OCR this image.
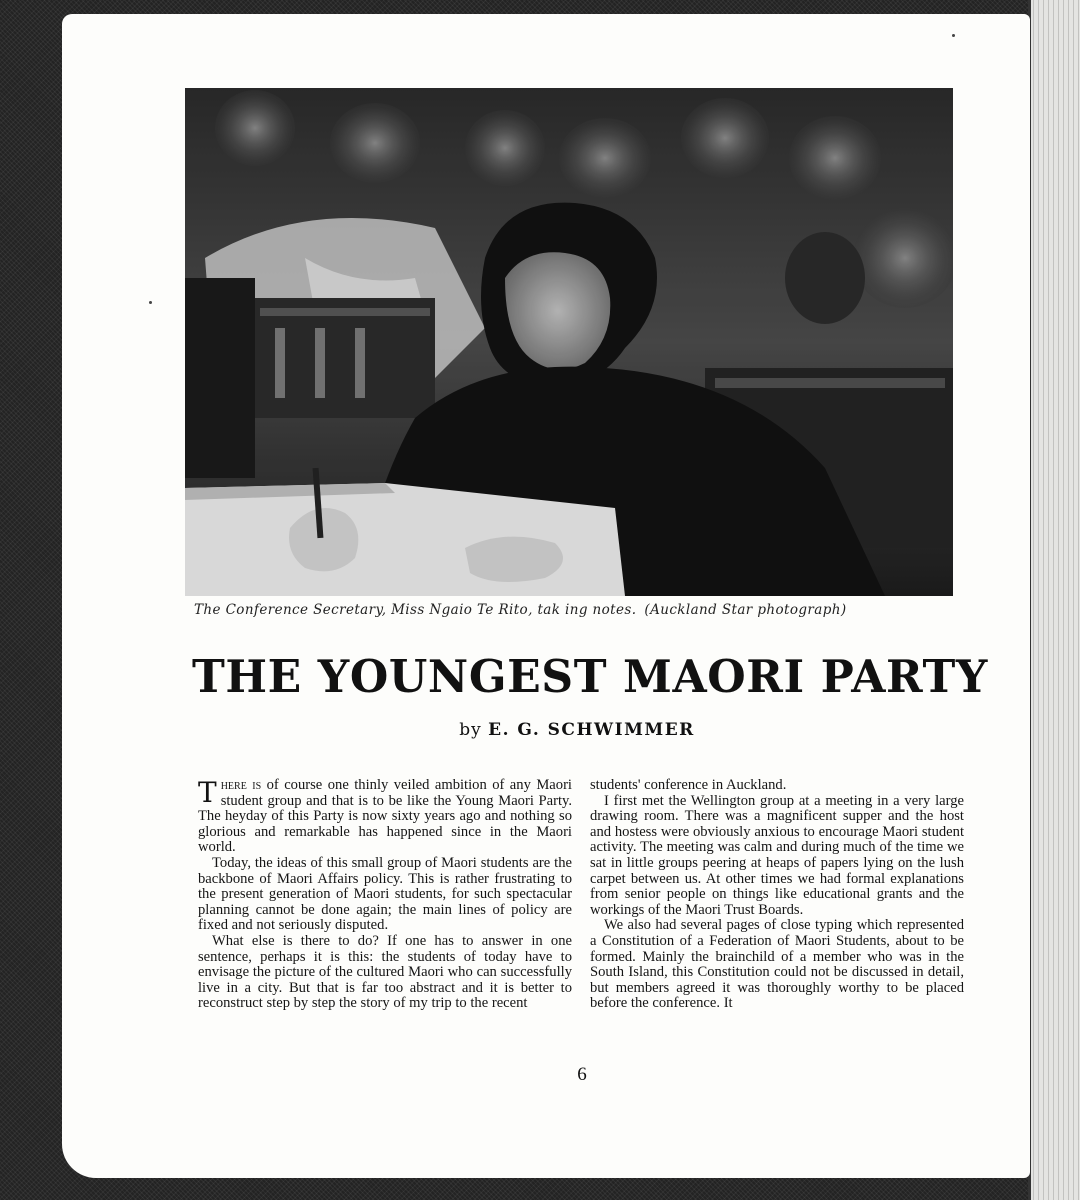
The Conference Secretary, Miss Ngaio Te Rito, tak ing notes. (Auckland Star photograph)
THE YOUNGEST MAORI PARTY
by E. G. SCHWIMMER

There is of course one thinly veiled ambition of any Maori student group and that is to be like the Young Maori Party. The heyday of this Party is now sixty years ago and nothing so glorious and remarkable has happened since in the Maori world.

Today, the ideas of this small group of Maori students are the backbone of Maori Affairs policy. This is rather frustrating to the present generation of Maori students, for such spectacular planning cannot be done again; the main lines of policy are fixed and not seriously disputed.

What else is there to do? If one has to answer in one sentence, perhaps it is this: the students of today have to envisage the picture of the cultured Maori who can successfully live in a city. But that is far too abstract and it is better to reconstruct step by step the story of my trip to the recent

students' conference in Auckland.

I first met the Wellington group at a meeting in a very large drawing room. There was a magnificent supper and the host and hostess were obviously anxious to encourage Maori student activity. The meeting was calm and during much of the time we sat in little groups peering at heaps of papers lying on the lush carpet between us. At other times we had formal explanations from senior people on things like educational grants and the workings of the Maori Trust Boards.

We also had several pages of close typing which represented a Constitution of a Federation of Maori Students, about to be formed. Mainly the brainchild of a member who was in the South Island, this Constitution could not be discussed in detail, but members agreed it was thoroughly worthy to be placed before the conference. It

6
